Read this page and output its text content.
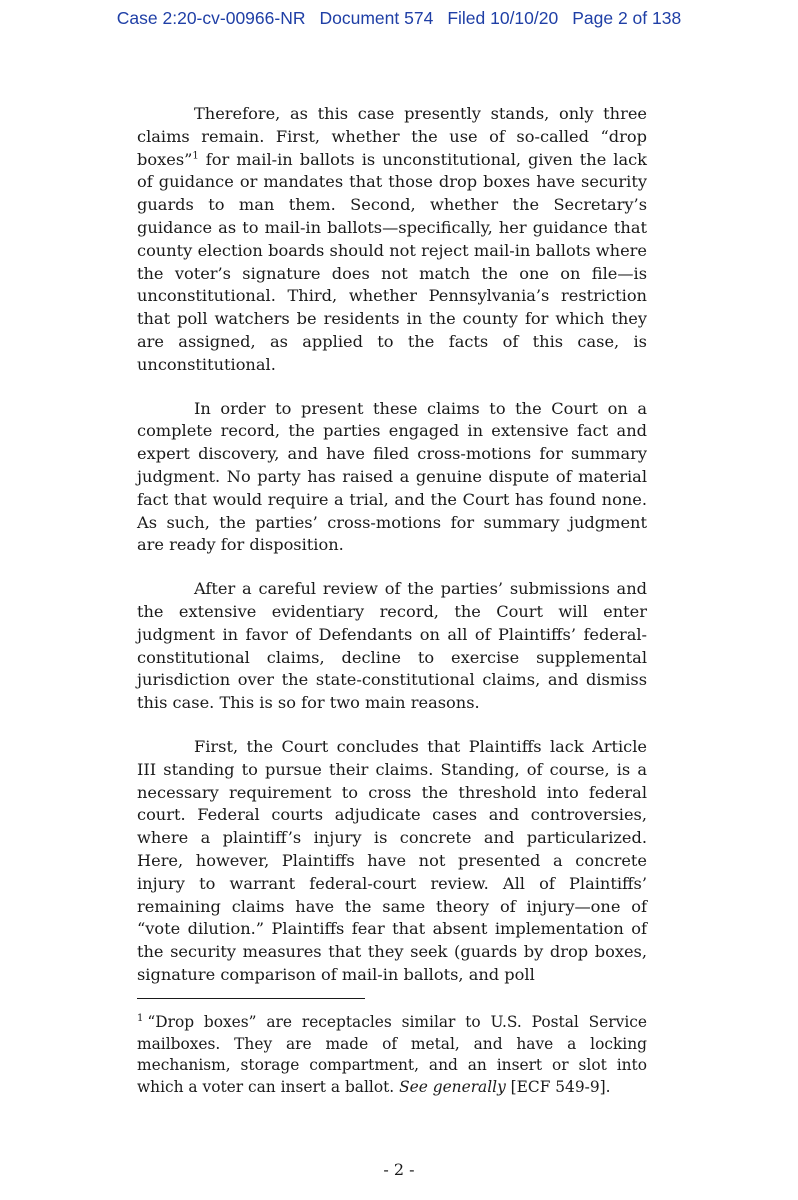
Case 2:20-cv-00966-NR Document 574 Filed 10/10/20 Page 2 of 138

Therefore, as this case presently stands, only three claims remain. First, whether the use of so-called “drop boxes”$^1$ for mail-in ballots is unconstitutional, given the lack of guidance or mandates that those drop boxes have security guards to man them. Second, whether the Secretary’s guidance as to mail-in ballots—specifically, her guidance that county election boards should not reject mail-in ballots where the voter’s signature does not match the one on file—is unconstitutional. Third, whether Pennsylvania’s restriction that poll watchers be residents in the county for which they are assigned, as applied to the facts of this case, is unconstitutional.

In order to present these claims to the Court on a complete record, the parties engaged in extensive fact and expert discovery, and have filed cross-motions for summary judgment. No party has raised a genuine dispute of material fact that would require a trial, and the Court has found none. As such, the parties’ cross-motions for summary judgment are ready for disposition.

After a careful review of the parties’ submissions and the extensive evidentiary record, the Court will enter judgment in favor of Defendants on all of Plaintiffs’ federal-constitutional claims, decline to exercise supplemental jurisdiction over the state-constitutional claims, and dismiss this case. This is so for two main reasons.

First, the Court concludes that Plaintiffs lack Article III standing to pursue their claims. Standing, of course, is a necessary requirement to cross the threshold into federal court. Federal courts adjudicate cases and controversies, where a plaintiff’s injury is concrete and particularized. Here, however, Plaintiffs have not presented a concrete injury to warrant federal-court review. All of Plaintiffs’ remaining claims have the same theory of injury—one of “vote dilution.” Plaintiffs fear that absent implementation of the security measures that they seek (guards by drop boxes, signature comparison of mail-in ballots, and poll

$^1$ “Drop boxes” are receptacles similar to U.S. Postal Service mailboxes. They are made of metal, and have a locking mechanism, storage compartment, and an insert or slot into which a voter can insert a ballot. See generally [ECF 549-9].

- 2 -
